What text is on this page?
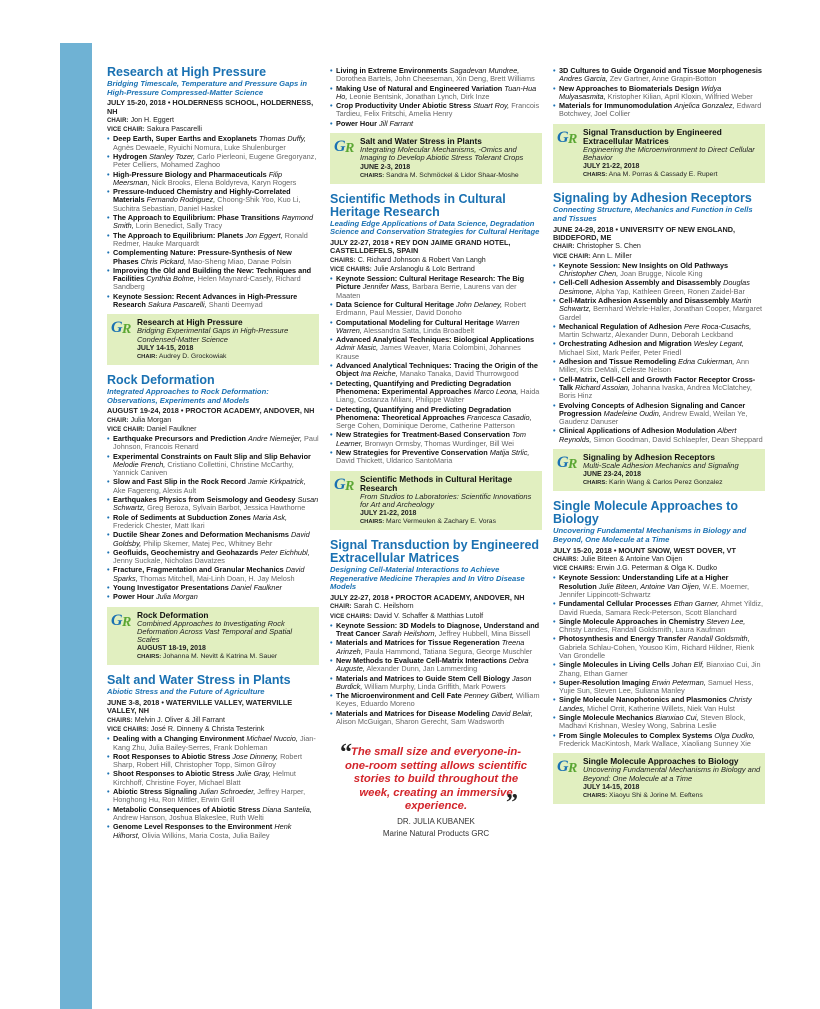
Research at High Pressure
Bridging Timescale, Temperature and Pressure Gaps in High-Pressure Compressed-Matter Science
JULY 15-20, 2018 • HOLDERNESS SCHOOL, HOLDERNESS, NH
CHAIR: Jon H. Eggert
VICE CHAIR: Sakura Pascarelli
• Deep Earth, Super Earths and Exoplanets Thomas Duffy, Agnès Dewaele, Ryuichi Nomura, Luke Shulenburger
• Hydrogen Stanley Tozer, Carlo Pierleoni, Eugene Gregoryanz, Peter Celliers, Mohamed Zaghoo
• High-Pressure Biology and Pharmaceuticals Filip Meersman, Nick Brooks, Elena Boldyreva, Karyn Rogers
• Pressure-Induced Chemistry and Highly-Correlated Materials Fernando Rodriguez, Choong-Shik Yoo, Kuo Li, Suchitra Sebastian, Daniel Haskel
• The Approach to Equilibrium: Phase Transitions Raymond Smith, Lorin Benedict, Sally Tracy
• The Approach to Equilibrium: Planets Jon Eggert, Ronald Redmer, Hauke Marquardt
• Complementing Nature: Pressure-Synthesis of New Phases Chris Pickard, Mao-Sheng Miao, Danae Polsin
• Improving the Old and Building the New: Techniques and Facilities Cynthia Bolme, Helen Maynard-Casely, Richard Sandberg
• Keynote Session: Recent Advances in High-Pressure Research Sakura Pascarelli, Shanti Deemyad
G R Research at High Pressure
Bridging Experimental Gaps in High-Pressure Condensed-Matter Science
JULY 14-15, 2018
CHAIR: Audrey D. Grockowiak
Rock Deformation
Integrated Approaches to Rock Deformation: Observations, Experiments and Models
AUGUST 19-24, 2018 • PROCTOR ACADEMY, ANDOVER, NH
CHAIR: Julia Morgan
VICE CHAIR: Daniel Faulkner
• Earthquake Precursors and Prediction Andre Niemeijer, Paul Johnson, Francois Renard
• Experimental Constraints on Fault Slip and Slip Behavior Melodie French, Cristiano Collettini, Christine McCarthy, Yannick Caniven
• Slow and Fast Slip in the Rock Record Jamie Kirkpatrick, Ake Fagereng, Alexis Ault
• Earthquakes Physics from Seismology and Geodesy Susan Schwartz, Greg Beroza, Sylvain Barbot, Jessica Hawthorne
• Role of Sediments at Subduction Zones Maria Ask, Frederick Chester, Matt Ikari
• Ductile Shear Zones and Deformation Mechanisms David Goldsby, Philip Skemer, Matej Pec, Whitney Behr
• Geofluids, Geochemistry and Geohazards Peter Eichhubl, Jenny Suckale, Nicholas Davatzes
• Fracture, Fragmentation and Granular Mechanics David Sparks, Thomas Mitchell, Mai-Linh Doan, H. Jay Melosh
• Young Investigator Presentations Daniel Faulkner
• Power Hour Julia Morgan
G R Rock Deformation
Combined Approaches to Investigating Rock Deformation Across Vast Temporal and Spatial Scales
AUGUST 18-19, 2018
CHAIRS: Johanna M. Nevitt & Katrina M. Sauer
Salt and Water Stress in Plants
Abiotic Stress and the Future of Agriculture
JUNE 3-8, 2018 • WATERVILLE VALLEY, WATERVILLE VALLEY, NH
CHAIRS: Melvin J. Oliver & Jill Farrant
VICE CHAIRS: José R. Dinneny & Christa Testerink
• Dealing with a Changing Environment Michael Nuccio, Jian-Kang Zhu, Julia Bailey-Serres, Frank Dohleman
• Root Responses to Abiotic Stress Jose Dinneny, Robert Sharp, Robert Hill, Christopher Topp, Simon Gilroy
• Shoot Responses to Abiotic Stress Julie Gray, Helmut Kirchhoff, Christine Foyer, Michael Blatt
• Abiotic Stress Signaling Julian Schroeder, Jeffrey Harper, Honghong Hu, Ron Mittler, Erwin Grill
• Metabolic Consequences of Abiotic Stress Diana Santelia, Andrew Hanson, Joshua Blakeslee, Ruth Welti
• Genome Level Responses to the Environment Henk Hilhorst, Olivia Wilkins, Maria Costa, Julia Bailey
• Living in Extreme Environments Sagadevan Mundree, Dorothea Bartels, John Cheeseman, Xin Deng, Brett Williams
• Making Use of Natural and Engineered Variation Tuan-Hua Ho, Leonie Bentsink, Jonathan Lynch, Dirk Inze
• Crop Productivity Under Abiotic Stress Stuart Roy, Francois Tardieu, Felix Fritschi, Amelia Henry
• Power Hour Jill Farrant
G R Salt and Water Stress in Plants
Integrating Molecular Mechanisms, -Omics and Imaging to Develop Abiotic Stress Tolerant Crops
JUNE 2-3, 2018
CHAIRS: Sandra M. Schmöckel & Lidor Shaar-Moshe
Scientific Methods in Cultural Heritage Research
Leading Edge Applications of Data Science, Degradation Science and Conservation Strategies for Cultural Heritage
JULY 22-27, 2018 • REY DON JAIME GRAND HOTEL, CASTELLDEFELS, SPAIN
CHAIRS: C. Richard Johnson & Robert Van Langh
VICE CHAIRS: Julie Arslanoglu & Loïc Bertrand
• Keynote Session: Cultural Heritage Research: The Big Picture Jennifer Mass, Barbara Berrie, Laurens van der Maaten
• Data Science for Cultural Heritage John Delaney, Robert Erdmann, Paul Messier, David Donoho
• Computational Modeling for Cultural Heritage Warren Warren, Alessandra Satta, Linda Broadbelt
• Advanced Analytical Techniques: Biological Applications Admir Masic, James Weaver, Maria Colombini, Johannes Krause
• Advanced Analytical Techniques: Tracing the Origin of the Object Ina Reiche, Manako Tanaka, David Thurrowgood
• Detecting, Quantifying and Predicting Degradation Phenomena: Experimental Approaches Marco Leona, Haida Liang, Costanza Miliani, Philippe Walter
• Detecting, Quantifying and Predicting Degradation Phenomena: Theoretical Approaches Francesca Casadio, Serge Cohen, Dominique Derome, Catherine Patterson
• New Strategies for Treatment-Based Conservation Tom Learner, Bronwyn Ormsby, Thomas Wurdinger, Bill Wei
• New Strategies for Preventive Conservation Matija Strlic, David Thickett, Uldarico SantoMaria
G R Scientific Methods in Cultural Heritage Research
From Studios to Laboratories: Scientific Innovations for Art and Archeology
JULY 21-22, 2018
CHAIRS: Marc Vermeulen & Zachary E. Voras
Signal Transduction by Engineered Extracellular Matrices
Designing Cell-Material Interactions to Achieve Regenerative Medicine Therapies and In Vitro Disease Models
JULY 22-27, 2018 • PROCTOR ACADEMY, ANDOVER, NH
CHAIR: Sarah C. Heilshorn
VICE CHAIRS: David V. Schaffer & Matthias Lutolf
• Keynote Session: 3D Models to Diagnose, Understand and Treat Cancer Sarah Heilshorn, Jeffrey Hubbell, Mina Bissell
• Materials and Matrices for Tissue Regeneration Treena Arinzeh, Paula Hammond, Tatiana Segura, George Muschler
• New Methods to Evaluate Cell-Matrix Interactions Debra Auguste, Alexander Dunn, Jan Lammerding
• Materials and Matrices to Guide Stem Cell Biology Jason Burdick, William Murphy, Linda Griffith, Mark Powers
• The Microenvironment and Cell Fate Penney Gilbert, William Keyes, Eduardo Moreno
• Materials and Matrices for Disease Modeling David Belair, Alison McGuigan, Sharon Gerecht, Sam Wadsworth
“
The small size and everyone-in-one-room setting allows scientific stories to build throughout the week, creating an immersive experience.	”
DR. JULIA KUBANEK
Marine Natural Products GRC
• 3D Cultures to Guide Organoid and Tissue Morphogenesis Andres Garcia, Zev Gartner, Anne Grapin-Botton
• New Approaches to Biomaterials Design Widya Mulyasasmita, Kristopher Kilian, April Kloxin, Wilfried Weber
• Materials for Immunomodulation Anjelica Gonzalez, Edward Botchwey, Joel Collier
G R Signal Transduction by Engineered Extracellular Matrices
Engineering the Microenvironment to Direct Cellular Behavior
JULY 21-22, 2018
CHAIRS: Ana M. Porras & Cassady E. Rupert
Signaling by Adhesion Receptors
Connecting Structure, Mechanics and Function in Cells and Tissues
JUNE 24-29, 2018 • UNIVERSITY OF NEW ENGLAND, BIDDEFORD, ME
CHAIR: Christopher S. Chen
VICE CHAIR: Ann L. Miller
• Keynote Session: New Insights on Old Pathways Christopher Chen, Joan Brugge, Nicole King
• Cell-Cell Adhesion Assembly and Disassembly Douglas Desimone, Alpha Yap, Kathleen Green, Ronen Zaidel-Bar
• Cell-Matrix Adhesion Assembly and Disassembly Martin Schwartz, Bernhard Wehrle-Haller, Jonathan Cooper, Margaret Gardel
• Mechanical Regulation of Adhesion Pere Roca-Cusachs, Martin Schwartz, Alexander Dunn, Deborah Leckband
• Orchestrating Adhesion and Migration Wesley Legant, Michael Sixt, Mark Peifer, Peter Friedl
• Adhesion and Tissue Remodeling Edna Cukierman, Ann Miller, Kris DeMali, Celeste Nelson
• Cell-Matrix, Cell-Cell and Growth Factor Receptor Cross-Talk Richard Assoian, Johanna Ivaska, Andrea McClatchey, Boris Hinz
• Evolving Concepts of Adhesion Signaling and Cancer Progression Madeleine Oudin, Andrew Ewald, Weilan Ye, Gaudenz Danuser
• Clinical Applications of Adhesion Modulation Albert Reynolds, Simon Goodman, David Schlaepfer, Dean Sheppard
G R Signaling by Adhesion Receptors
Multi-Scale Adhesion Mechanics and Signaling
JUNE 23-24, 2018
CHAIRS: Karin Wang & Carlos Perez Gonzalez
Single Molecule Approaches to Biology
Uncovering Fundamental Mechanisms in Biology and Beyond, One Molecule at a Time
JULY 15-20, 2018 • MOUNT SNOW, WEST DOVER, VT
CHAIRS: Julie Biteen & Antoine Van Oijen
VICE CHAIRS: Erwin J.G. Peterman & Olga K. Dudko
• Keynote Session: Understanding Life at a Higher Resolution Julie Biteen, Antoine Van Oijen, W.E. Moerner, Jennifer Lippincott-Schwartz
• Fundamental Cellular Processes Ethan Garner, Ahmet Yildiz, David Rueda, Samara Reck-Peterson, Scott Blanchard
• Single Molecule Approaches in Chemistry Steven Lee, Christy Landes, Randall Goldsmith, Laura Kaufman
• Photosynthesis and Energy Transfer Randall Goldsmith, Gabriela Schlau-Cohen, Yousoo Kim, Richard Hildner, Rienk Van Grondelle
• Single Molecules in Living Cells Johan Elf, Bianxiao Cui, Jin Zhang, Ethan Garner
• Super-Resolution Imaging Erwin Peterman, Samuel Hess, Yujie Sun, Steven Lee, Suliana Manley
• Single Molecule Nanophotonics and Plasmonics Christy Landes, Michel Orrit, Katherine Willets, Niek Van Hulst
• Single Molecule Mechanics Bianxiao Cui, Steven Block, Madhavi Krishnan, Wesley Wong, Sabrina Leslie
• From Single Molecules to Complex Systems Olga Dudko, Frederick MacKintosh, Mark Wallace, Xiaoliang Sunney Xie
G R Single Molecule Approaches to Biology
Uncovering Fundamental Mechanisms in Biology and Beyond: One Molecule at a Time
JULY 14-15, 2018
CHAIRS: Xiaoyu Shi & Jorine M. Eeftens
